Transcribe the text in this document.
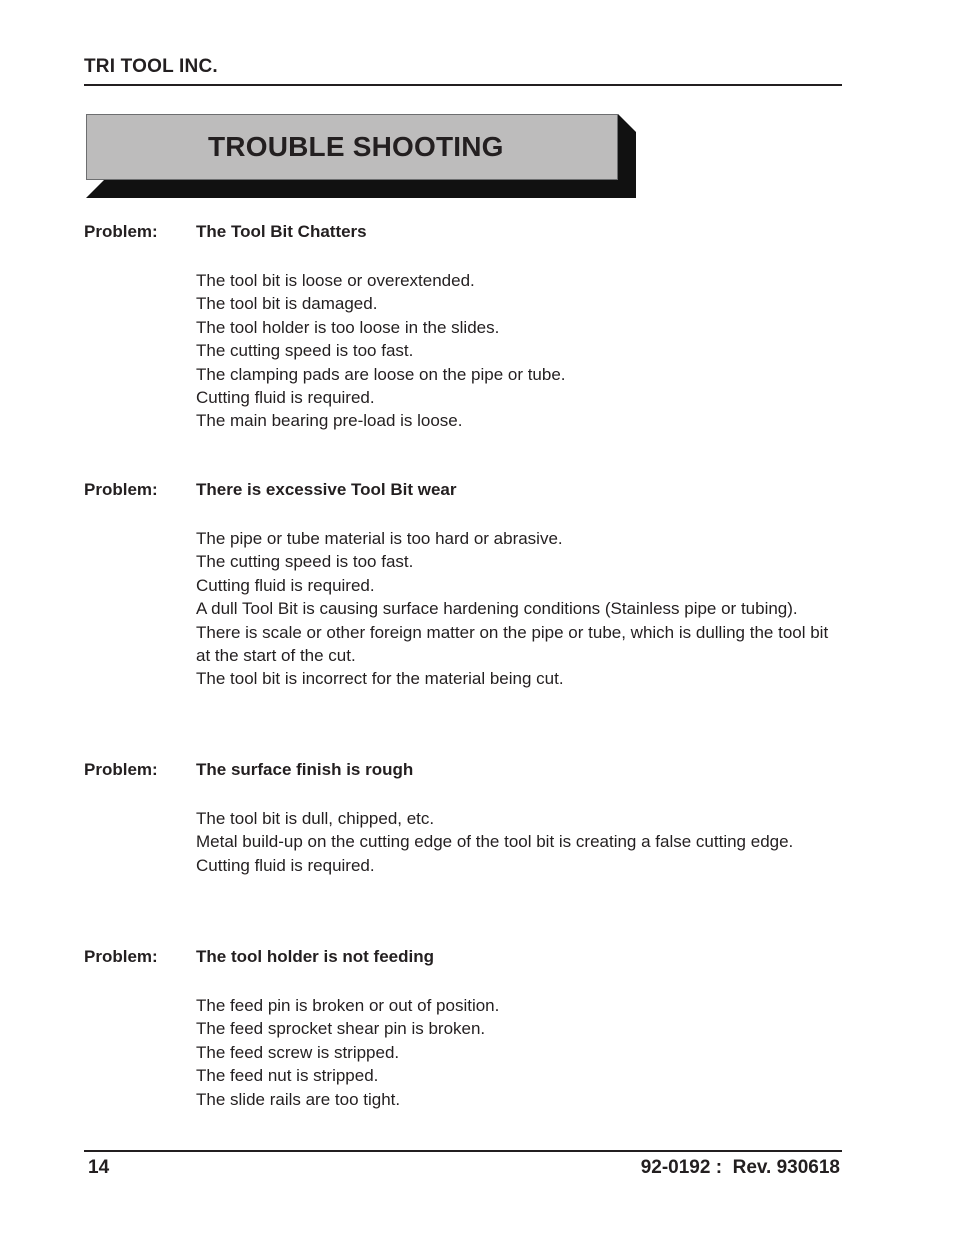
TRI TOOL INC.
TROUBLE SHOOTING
Problem: The Tool Bit Chatters
The tool bit is loose or overextended.
The tool bit is damaged.
The tool holder is too loose in the slides.
The cutting speed is too fast.
The clamping pads are loose on the pipe or tube.
Cutting fluid is required.
The main bearing pre-load is loose.
Problem: There is excessive Tool Bit wear
The pipe or tube material is too hard or abrasive.
The cutting speed is too fast.
Cutting fluid is required.
A dull Tool Bit is causing surface hardening conditions (Stainless pipe or tubing).
There is scale or other foreign matter on the pipe or tube, which is dulling the tool bit at the start of the cut.
The tool bit is incorrect for the material being cut.
Problem: The surface finish is rough
The tool bit is dull, chipped, etc.
Metal build-up on the cutting edge of the tool bit is creating a false cutting edge.
Cutting fluid is required.
Problem: The tool holder is not feeding
The feed pin is broken or out of position.
The feed sprocket shear pin is broken.
The feed screw is stripped.
The feed nut is stripped.
The slide rails are too tight.
14	92-0192 :  Rev. 930618
